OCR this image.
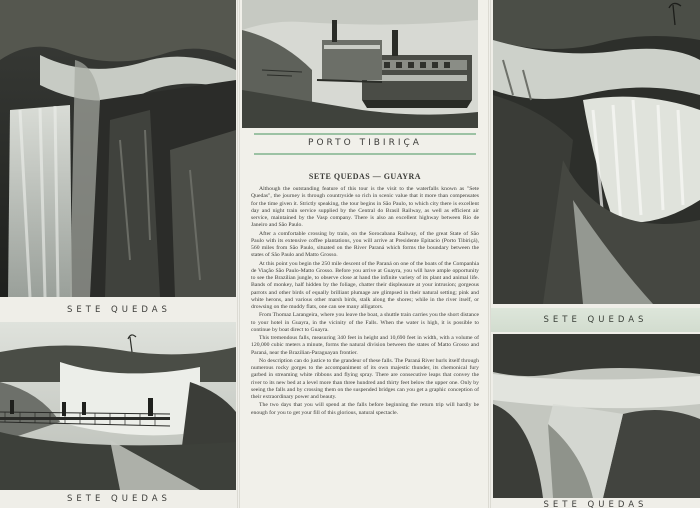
SETE QUEDAS
SETE QUEDAS
PORTO TIBIRIÇA
SETE QUEDAS — GUAYRA

Although the outstanding feature of this tour is the visit to the waterfalls known as "Sete Quedas", the journey is through countryside so rich in scenic value that it more than compensates for the time given it. Strictly speaking, the tour begins in São Paulo, to which city there is excellent day and night train service supplied by the Central do Brasil Railway, as well as efficient air service, maintained by the Vasp company. There is also an excellent highway between Rio de Janeiro and São Paulo.

After a comfortable crossing by train, on the Sorocabana Railway, of the great State of São Paulo with its extensive coffee plantations, you will arrive at Presidente Epitacio (Porto Tibiriçá), 560 miles from São Paulo, situated on the River Paraná which forms the boundary between the states of São Paulo and Matto Grosso.

At this point you begin the 250 mile descent of the Paraná on one of the boats of the Companhia de Viação São Paulo-Matto Grosso. Before you arrive at Guayra, you will have ample opportunity to see the Brazilian jungle, to observe close at hand the infinite variety of its plant and animal life. Bands of monkey, half hidden by the foliage, chatter their displeasure at your intrusion; gorgeous parrots and other birds of equally brilliant plumage are glimpsed in their natural setting; pink and white herons, and various other marsh birds, stalk along the shores; while in the river itself, or drowsing on the muddy flats, one can see many alligators.

From Thomaz Larangeira, where you leave the boat, a shuttle train carries you the short distance to your hotel in Guayra, in the vicinity of the Falls. When the water is high, it is possible to continue by boat direct to Guayra.

This tremendous falls, measuring 340 feet in height and 10,690 feet in width, with a volume of 120,000 cubic meters a minute, forms the natural division between the states of Matto Grosso and Paraná, near the Brazilian-Paraguayan frontier.

No description can do justice to the grandeur of these falls. The Paraná River hurls itself through numerous rocky gorges to the accompaniment of its own majestic thunder, its chemonical fury garbed in streaming white ribbons and flying spray. There are consecutive leaps that convey the river to its new bed at a level more than three hundred and thirty feet below the upper one. Only by seeing the falls and by crossing them on the suspended bridges can you get a graphic conception of their extraordinary power and beauty.

The two days that you will spend at the falls before beginning the return trip will hardly be enough for you to get your fill of this glorious, natural spectacle.

SETE QUEDAS
SETE QUEDAS
